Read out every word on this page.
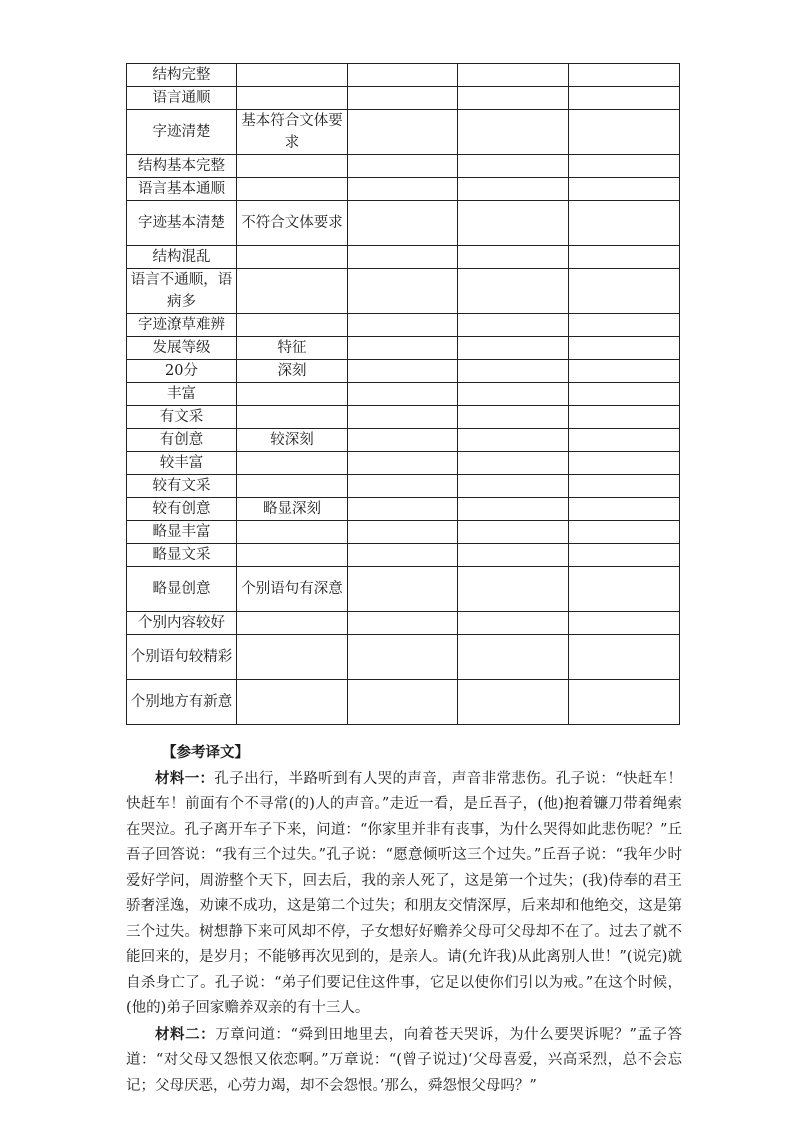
结构完整				
语言通顺				
字迹清楚	基本符合文体要求			
结构基本完整				
语言基本通顺				
字迹基本清楚	不符合文体要求			
结构混乱				
语言不通顺，语病多				
字迹潦草难辨				
发展等级	特征			
20分	深刻			
丰富				
有文采				
有创意	较深刻			
较丰富				
较有文采				
较有创意	略显深刻			
略显丰富				
略显文采				
略显创意	个别语句有深意			
个别内容较好				
个别语句较精彩				
个别地方有新意				
【参考译文】

材料一：孔子出行，半路听到有人哭的声音，声音非常悲伤。孔子说：“快赶车！快赶车！前面有个不寻常(的)人的声音。”走近一看，是丘吾子，(他)抱着镰刀带着绳索在哭泣。孔子离开车子下来，问道：“你家里并非有丧事，为什么哭得如此悲伤呢？”丘吾子回答说：“我有三个过失。”孔子说：“愿意倾听这三个过失。”丘吾子说：“我年少时爱好学问，周游整个天下，回去后，我的亲人死了，这是第一个过失；(我)侍奉的君王骄奢淫逸，劝谏不成功，这是第二个过失；和朋友交情深厚，后来却和他绝交，这是第三个过失。树想静下来可风却不停，子女想好好赡养父母可父母却不在了。过去了就不能回来的，是岁月；不能够再次见到的，是亲人。请(允许我)从此离别人世！”(说完)就自杀身亡了。孔子说：“弟子们要记住这件事，它足以使你们引以为戒。”在这个时候，(他的)弟子回家赡养双亲的有十三人。

材料二：万章问道：“舜到田地里去，向着苍天哭诉，为什么要哭诉呢？”孟子答道：“对父母又怨恨又依恋啊。”万章说：“(曾子说过)‘父母喜爱，兴高采烈，总不会忘记；父母厌恶，心劳力竭，却不会怨恨。’那么，舜怨恨父母吗？”
